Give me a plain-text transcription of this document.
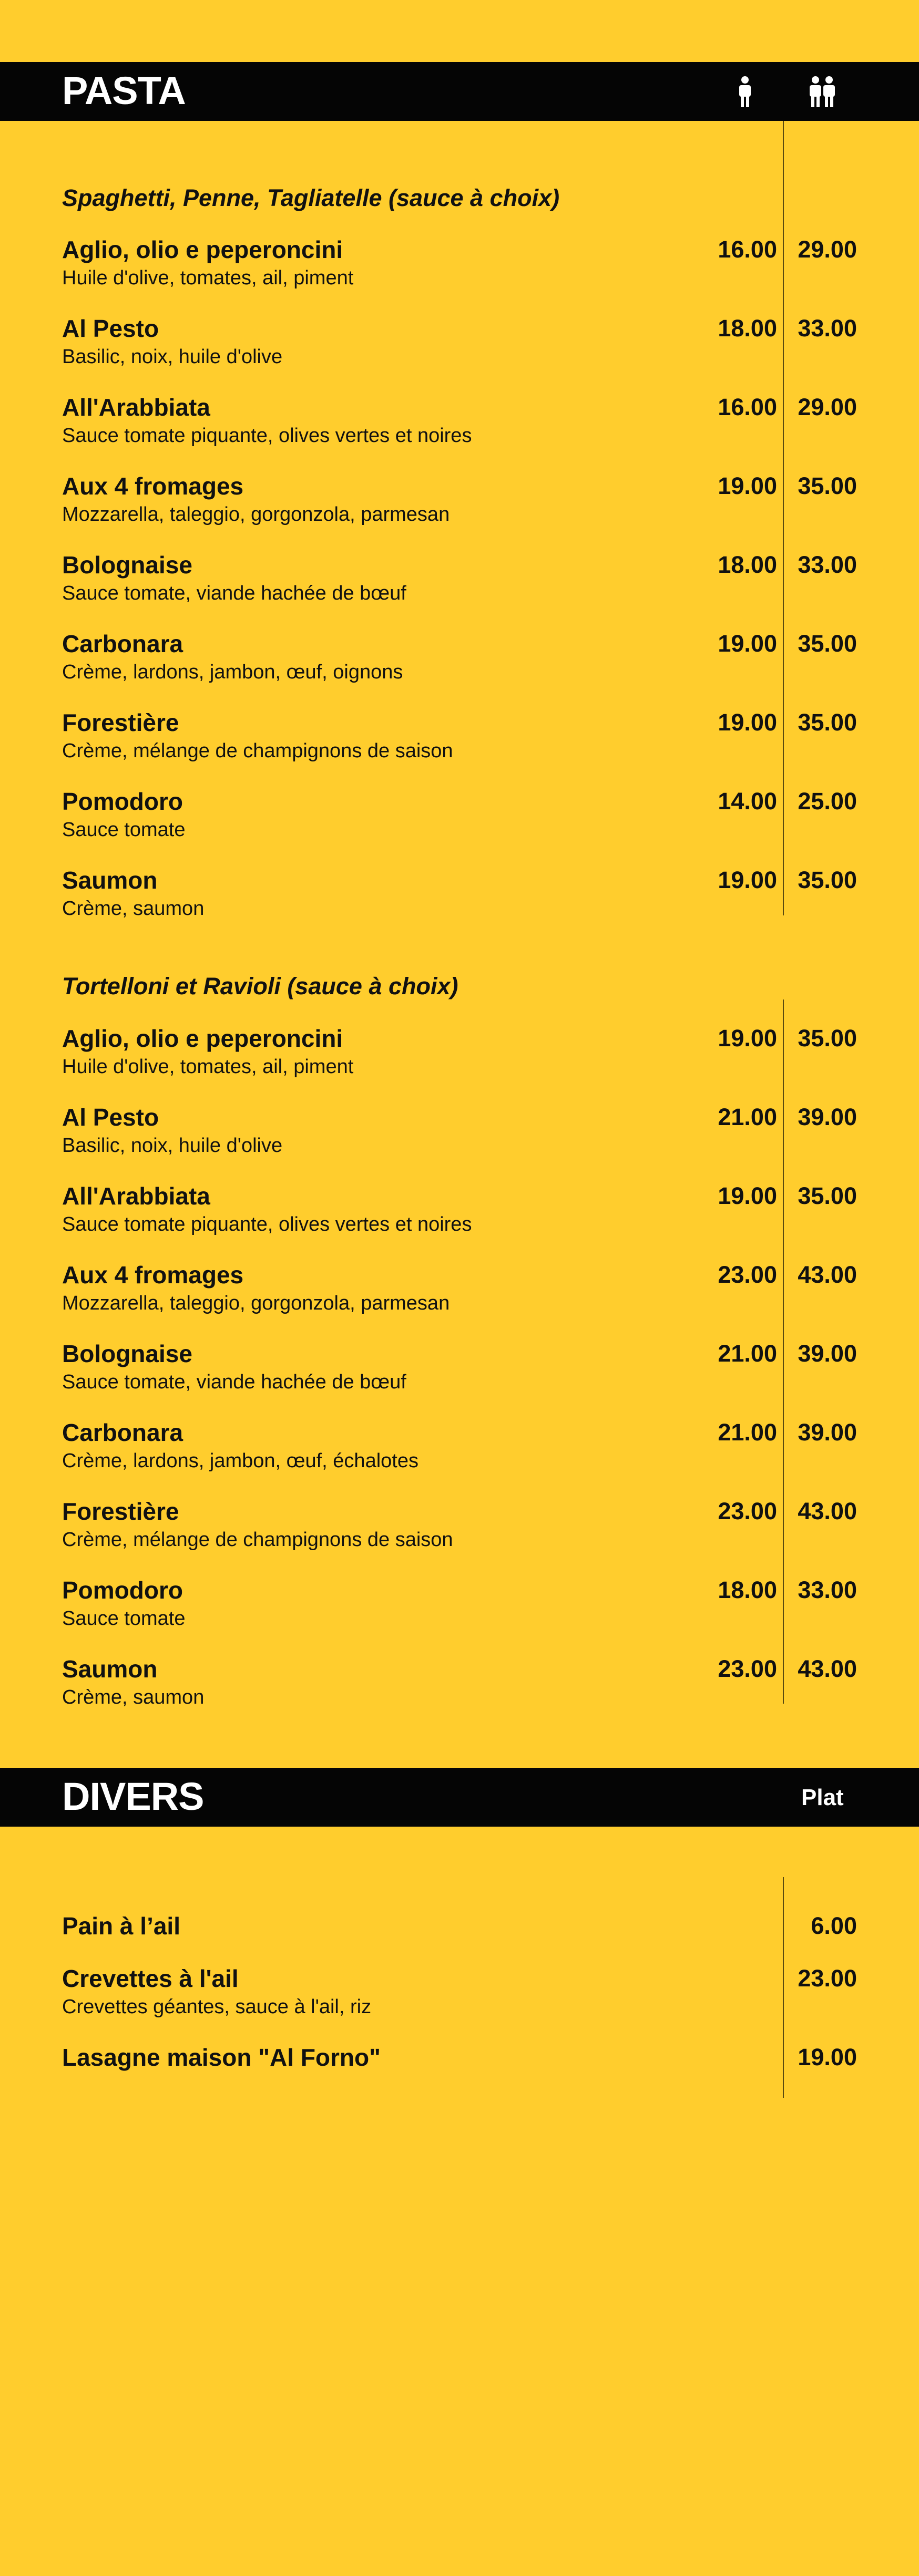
PASTA
Spaghetti, Penne, Tagliatelle (sauce à choix)
Aglio, olio e peperoncini
Huile d'olive, tomates, ail, piment
16.00 29.00
Al Pesto
Basilic, noix, huile d'olive
18.00 33.00
All'Arabbiata
Sauce tomate piquante, olives vertes et noires
16.00 29.00
Aux 4 fromages
Mozzarella, taleggio, gorgonzola, parmesan
19.00 35.00
Bolognaise
Sauce tomate, viande hachée de bœuf
18.00 33.00
Carbonara
Crème, lardons, jambon, œuf, oignons
19.00 35.00
Forestière
Crème, mélange de champignons de saison
19.00 35.00
Pomodoro
Sauce tomate
14.00 25.00
Saumon
Crème, saumon
19.00 35.00
Tortelloni et Ravioli (sauce à choix)
Aglio, olio e peperoncini
Huile d'olive, tomates, ail, piment
19.00 35.00
Al Pesto
Basilic, noix, huile d'olive
21.00 39.00
All'Arabbiata
Sauce tomate piquante, olives vertes et noires
19.00 35.00
Aux 4 fromages
Mozzarella, taleggio, gorgonzola, parmesan
23.00 43.00
Bolognaise
Sauce tomate, viande hachée de bœuf
21.00 39.00
Carbonara
Crème, lardons, jambon, œuf, échalotes
21.00 39.00
Forestière
Crème, mélange de champignons de saison
23.00 43.00
Pomodoro
Sauce tomate
18.00 33.00
Saumon
Crème, saumon
23.00 43.00
DIVERS	Plat
Pain à l’ail	6.00
Crevettes à l'ail
Crevettes géantes, sauce à l'ail, riz
23.00
Lasagne maison "Al Forno"	19.00
